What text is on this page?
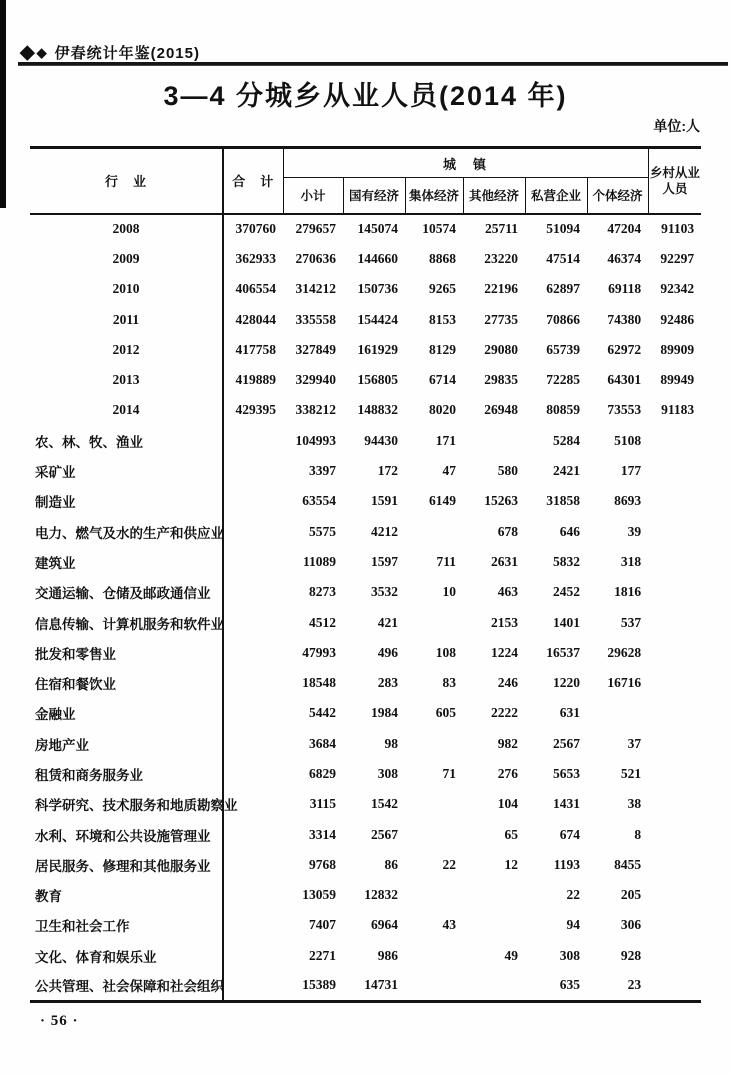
◆ ◆ 伊春统计年鉴(2015)
3—4 分城乡从业人员(2014 年)
单位:人
行　业	合　计	城　镇						乡村从业
人员

		小计	国有经济	集体经济	其他经济	私营企业	个体经济	
2008	370760	279657	145074	10574	25711	51094	47204	91103
2009	362933	270636	144660	8868	23220	47514	46374	92297
2010	406554	314212	150736	9265	22196	62897	69118	92342
2011	428044	335558	154424	8153	27735	70866	74380	92486
2012	417758	327849	161929	8129	29080	65739	62972	89909
2013	419889	329940	156805	6714	29835	72285	64301	89949
2014	429395	338212	148832	8020	26948	80859	73553	91183
农、林、牧、渔业		104993	94430	171		5284	5108	
采矿业		3397	172	47	580	2421	177	
制造业		63554	1591	6149	15263	31858	8693	
电力、燃气及水的生产和供应业		5575	4212		678	646	39	
建筑业		11089	1597	711	2631	5832	318	
交通运输、仓储及邮政通信业		8273	3532	10	463	2452	1816	
信息传输、计算机服务和软件业		4512	421		2153	1401	537	
批发和零售业		47993	496	108	1224	16537	29628	
住宿和餐饮业		18548	283	83	246	1220	16716	
金融业		5442	1984	605	2222	631		
房地产业		3684	98		982	2567	37	
租赁和商务服务业		6829	308	71	276	5653	521	
科学研究、技术服务和地质勘察业		3115	1542		104	1431	38	
水利、环境和公共设施管理业		3314	2567		65	674	8	
居民服务、修理和其他服务业		9768	86	22	12	1193	8455	
教育		13059	12832			22	205	
卫生和社会工作		7407	6964	43		94	306	
文化、体育和娱乐业		2271	986		49	308	928	
公共管理、社会保障和社会组织		15389	14731			635	23	
· 56 ·
